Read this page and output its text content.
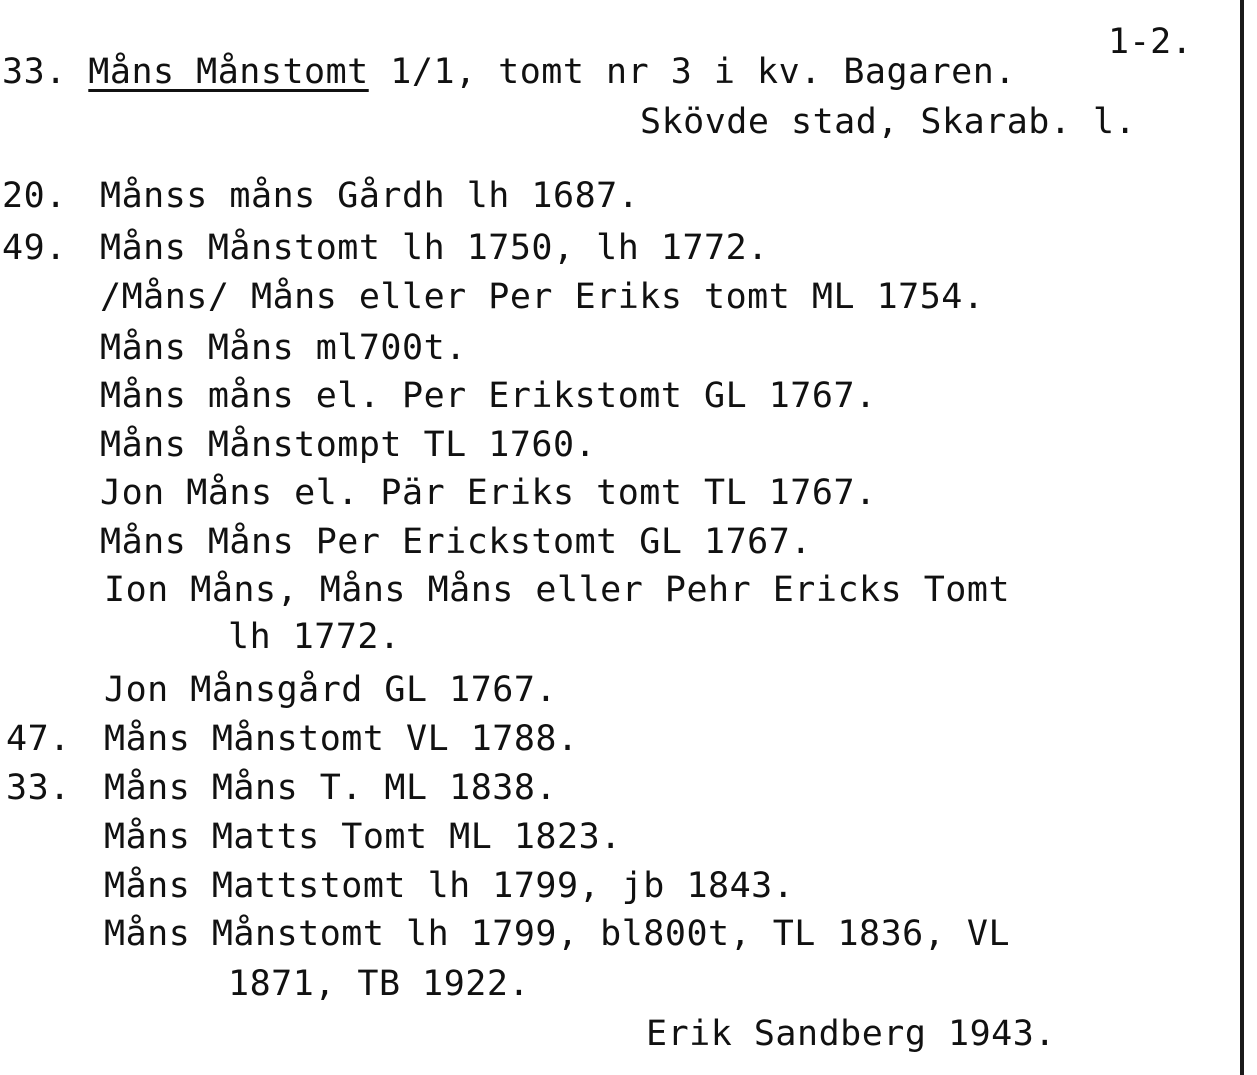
1-2.
33. Måns Månstomt 1/1, tomt nr 3 i kv. Bagaren.
Skövde stad, Skarab. l.
20. Månss måns Gårdh lh 1687.
49. Måns Månstomt lh 1750, lh 1772.
/Måns/ Måns eller Per Eriks tomt ML 1754.
Måns Måns ml700t.
Måns måns el. Per Erikstomt GL 1767.
Måns Månstompt TL 1760.
Jon Måns el. Pär Eriks tomt TL 1767.
Måns Måns Per Erickstomt GL 1767.
Ion Måns, Måns Måns eller Pehr Ericks Tomt
lh 1772.
Jon Månsgård GL 1767.
47. Måns Månstomt VL 1788.
33. Måns Måns T. ML 1838.
Måns Matts Tomt ML 1823.
Måns Mattstomt lh 1799, jb 1843.
Måns Månstomt lh 1799, bl800t, TL 1836, VL
1871, TB 1922.
Erik Sandberg 1943.
